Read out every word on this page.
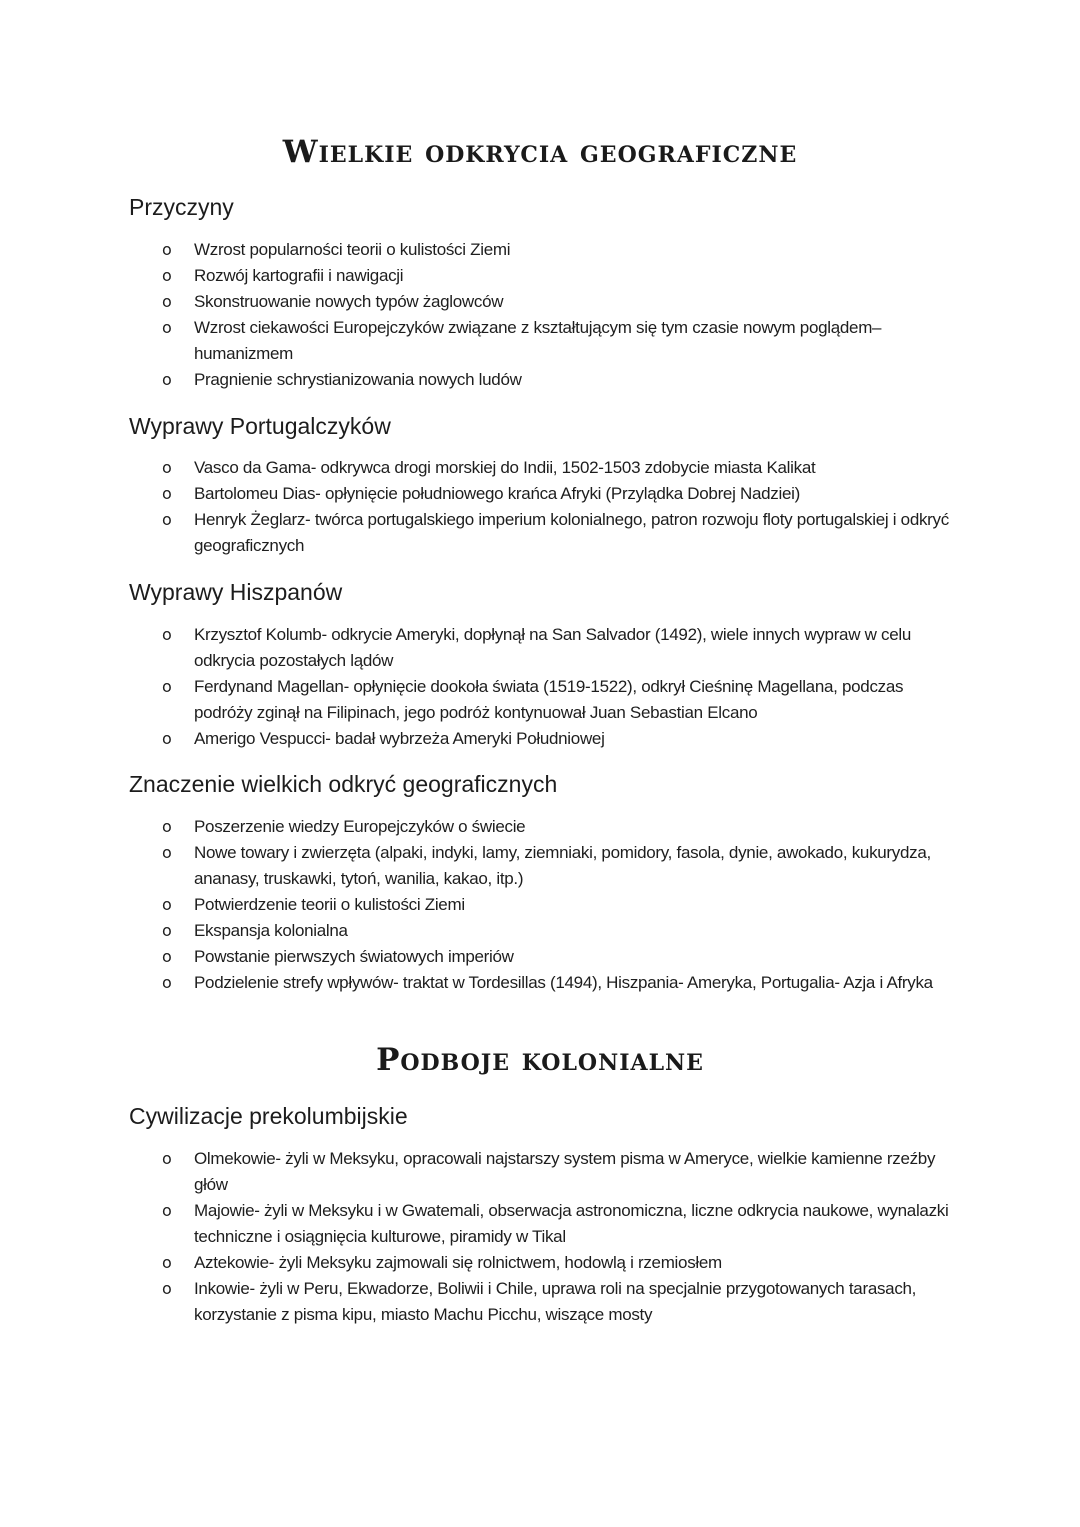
Wielkie odkrycia geograficzne
Przyczyny
o Wzrost popularności teorii o kulistości Ziemi
o Rozwój kartografii i nawigacji
o Skonstruowanie nowych typów żaglowców
o Wzrost ciekawości Europejczyków związane z kształtującym się tym czasie nowym poglądem– humanizmem
o Pragnienie schrystianizowania nowych ludów
Wyprawy Portugalczyków
o Vasco da Gama- odkrywca drogi morskiej do Indii, 1502-1503 zdobycie miasta Kalikat
o Bartolomeu Dias- opłynięcie południowego krańca Afryki (Przylądka Dobrej Nadziei)
o Henryk Żeglarz- twórca portugalskiego imperium kolonialnego, patron rozwoju floty portugalskiej i odkryć geograficznych
Wyprawy Hiszpanów
o Krzysztof Kolumb- odkrycie Ameryki, dopłynął na San Salvador (1492), wiele innych wypraw w celu odkrycia pozostałych lądów
o Ferdynand Magellan- opłynięcie dookoła świata (1519-1522), odkrył Cieśninę Magellana, podczas podróży zginął na Filipinach, jego podróż kontynuował Juan Sebastian Elcano
o Amerigo Vespucci- badał wybrzeża Ameryki Południowej
Znaczenie wielkich odkryć geograficznych
o Poszerzenie wiedzy Europejczyków o świecie
o Nowe towary i zwierzęta (alpaki, indyki, lamy, ziemniaki, pomidory, fasola, dynie, awokado, kukurydza, ananasy, truskawki, tytoń, wanilia, kakao, itp.)
o Potwierdzenie teorii o kulistości Ziemi
o Ekspansja kolonialna
o Powstanie pierwszych światowych imperiów
o Podzielenie strefy wpływów- traktat w Tordesillas (1494), Hiszpania- Ameryka, Portugalia- Azja i Afryka
Podboje kolonialne
Cywilizacje prekolumbijskie
o Olmekowie- żyli w Meksyku, opracowali najstarszy system pisma w Ameryce, wielkie kamienne rzeźby głów
o Majowie- żyli w Meksyku i w Gwatemali, obserwacja astronomiczna, liczne odkrycia naukowe, wynalazki techniczne i osiągnięcia kulturowe, piramidy w Tikal
o Aztekowie- żyli Meksyku zajmowali się rolnictwem, hodowlą i rzemiosłem
o Inkowie- żyli w Peru, Ekwadorze, Boliwii i Chile, uprawa roli na specjalnie przygotowanych tarasach, korzystanie z pisma kipu, miasto Machu Picchu, wiszące mosty
